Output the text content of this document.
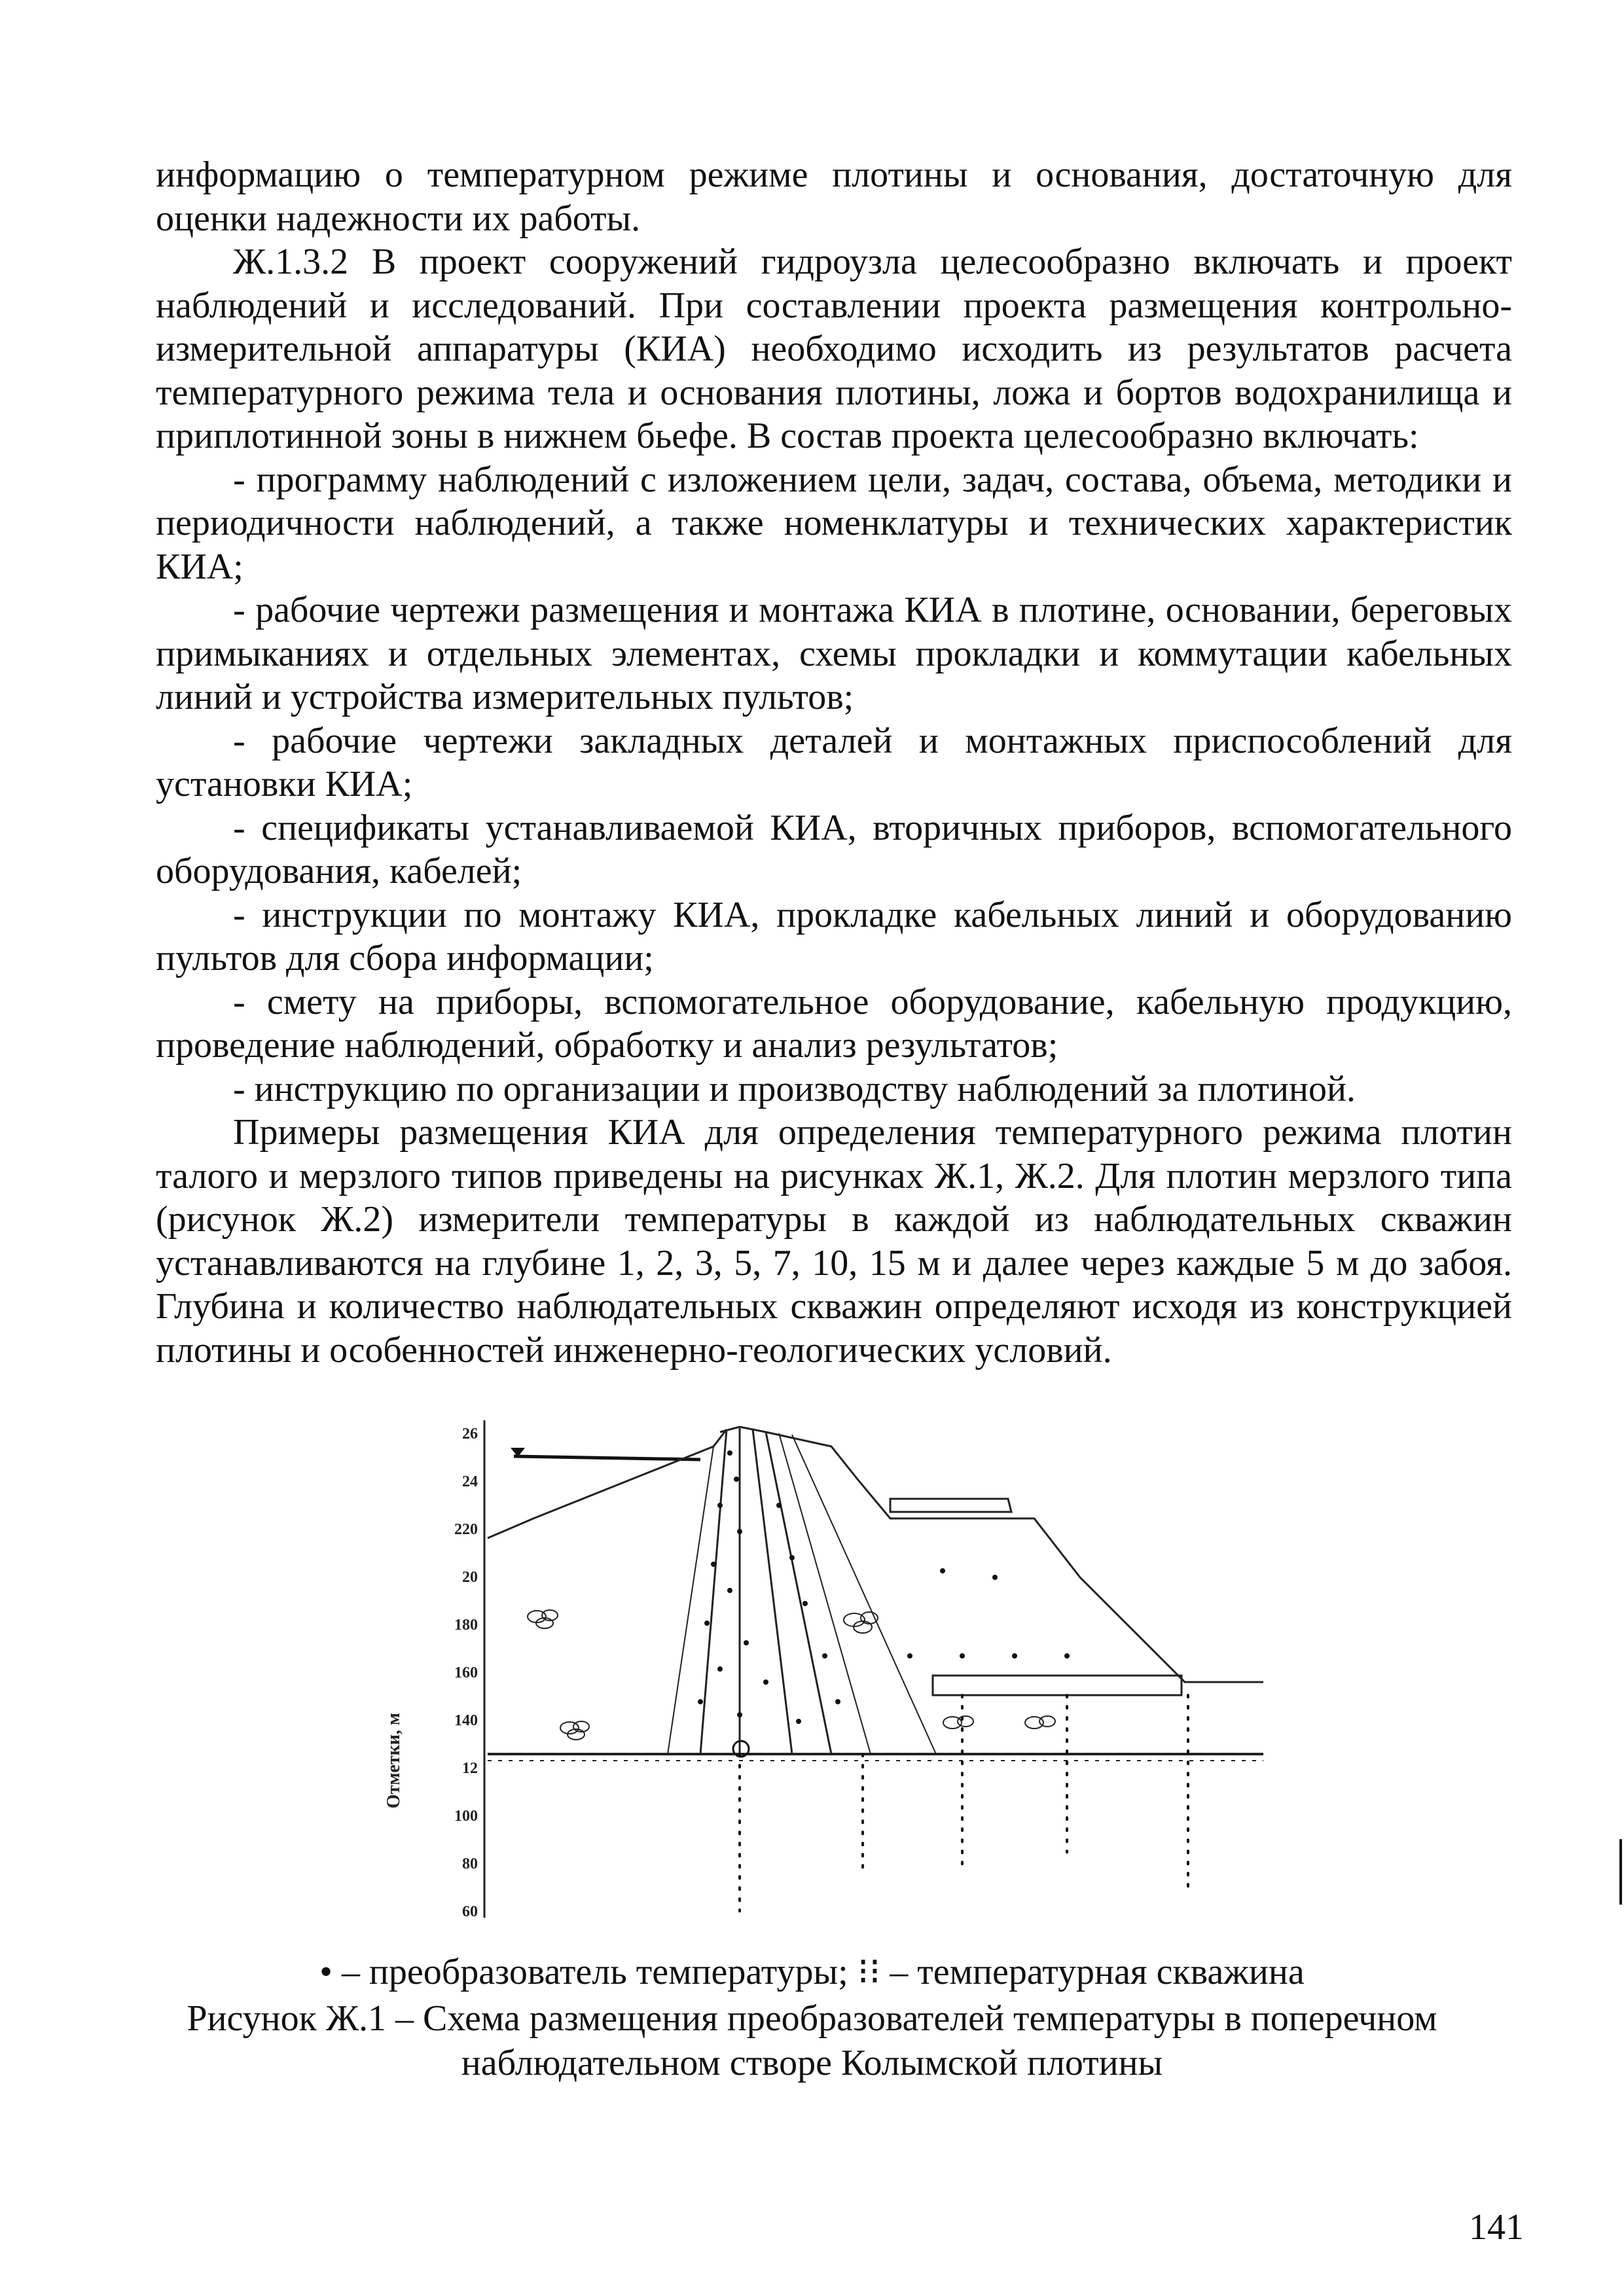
информацию о температурном режиме плотины и основания, достаточную для оценки надежности их работы.

Ж.1.3.2 В проект сооружений гидроузла целесообразно включать и проект наблюдений и исследований. При составлении проекта размещения контрольно-измерительной аппаратуры (КИА) необходимо исходить из результатов расчета температурного режима тела и основания плотины, ложа и бортов водохранилища и приплотинной зоны в нижнем бьефе. В состав проекта целесообразно включать:

- программу наблюдений с изложением цели, задач, состава, объема, методики и периодичности наблюдений, а также номенклатуры и технических характеристик КИА;

- рабочие чертежи размещения и монтажа КИА в плотине, основании, береговых примыканиях и отдельных элементах, схемы прокладки и коммутации кабельных линий и устройства измерительных пультов;

- рабочие чертежи закладных деталей и монтажных приспособлений для установки КИА;

- спецификаты устанавливаемой КИА, вторичных приборов, вспомогательного оборудования, кабелей;

- инструкции по монтажу КИА, прокладке кабельных линий и оборудованию пультов для сбора информации;

- смету на приборы, вспомогательное оборудование, кабельную продукцию, проведение наблюдений, обработку и анализ результатов;

- инструкцию по организации и производству наблюдений за плотиной.

Примеры размещения КИА для определения температурного режима плотин талого и мерзлого типов приведены на рисунках Ж.1, Ж.2. Для плотин мерзлого типа (рисунок Ж.2) измерители температуры в каждой из наблюдательных скважин устанавливаются на глубине 1, 2, 3, 5, 7, 10, 15 м и далее через каждые 5 м до забоя. Глубина и количество наблюдательных скважин определяют исходя из конструкцией плотины и особенностей инженерно-геологических условий.

Отметки, м
26
24
220
20
180
160
140
12
100
80
60
• – преобразователь температуры; ⁝⁝ – температурная скважина
Рисунок Ж.1 – Схема размещения преобразователей температуры в поперечном
наблюдательном створе Колымской плотины
141
